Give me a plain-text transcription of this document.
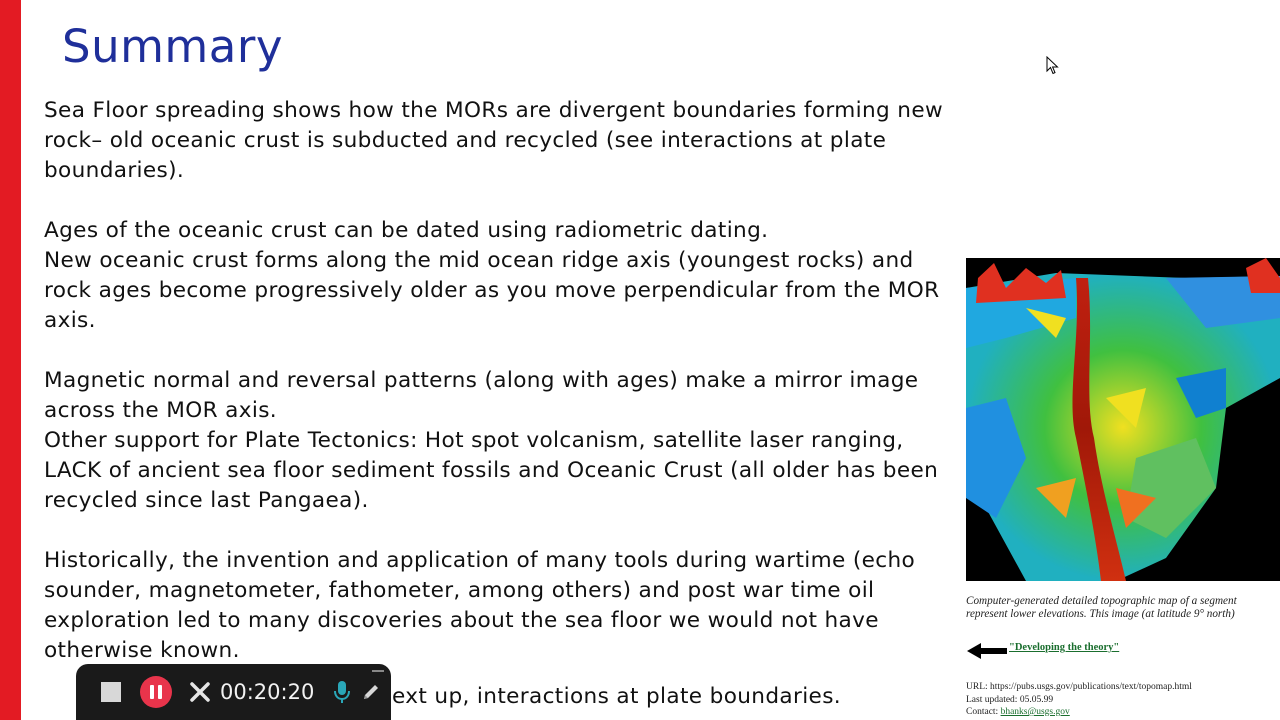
Summary

Sea Floor spreading shows how the MORs are divergent boundaries forming new rock– old oceanic crust is subducted and recycled (see interactions at plate boundaries).

Ages of the oceanic crust can be dated using radiometric dating.

New oceanic crust forms along the mid ocean ridge axis (youngest rocks) and rock ages become progressively older as you move perpendicular from the MOR axis.

Magnetic normal and reversal patterns (along with ages) make a mirror image across the MOR axis.

Other support for Plate Tectonics: Hot spot volcanism, satellite laser ranging, LACK of ancient sea floor sediment fossils and Oceanic Crust (all older has been recycled since last Pangaea).

Historically, the invention and application of many tools during wartime (echo sounder, magnetometer, fathometer, among others) and post war time oil exploration led to many discoveries about the sea floor we would not have otherwise known.

ext up, interactions at plate boundaries.

Computer-generated detailed topographic map of a segment
represent lower elevations. This image (at latitude 9° north)
"Developing the theory"
URL: https://pubs.usgs.gov/publications/text/topomap.html
Last updated: 05.05.99
Contact: bhanks@usgs.gov
00:20:20
